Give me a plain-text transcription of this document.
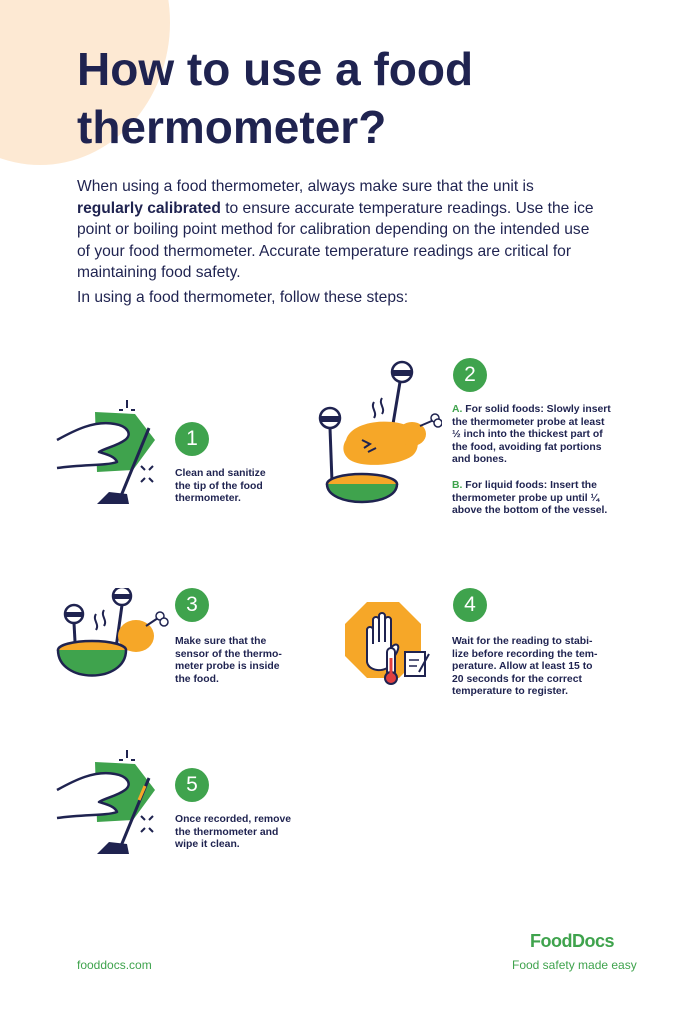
How to use a food thermometer?

When using a food thermometer, always make sure that the unit is regularly calibrated to ensure accurate temperature readings. Use the ice point or boiling point method for calibration depending on the intended use of your food thermometer. Accurate temperature readings are critical for maintaining food safety.

In using a food thermometer, follow these steps:

1

Clean and sanitize the tip of the food thermometer.

2
A. For solid foods: Slowly insert the thermometer probe at least ½ inch into the thickest part of the food, avoiding fat portions and bones.
B. For liquid foods: Insert the thermometer probe up until ¼ above the bottom of the vessel.
3

Make sure that the sensor of the thermo-meter probe is inside the food.

4

Wait for the reading to stabi-lize before recording the tem-perature. Allow at least 15 to 20 seconds for the correct temperature to register.

5

Once recorded, remove the thermometer and wipe it clean.

fooddocs.com
FoodDocs
Food safety made easy
